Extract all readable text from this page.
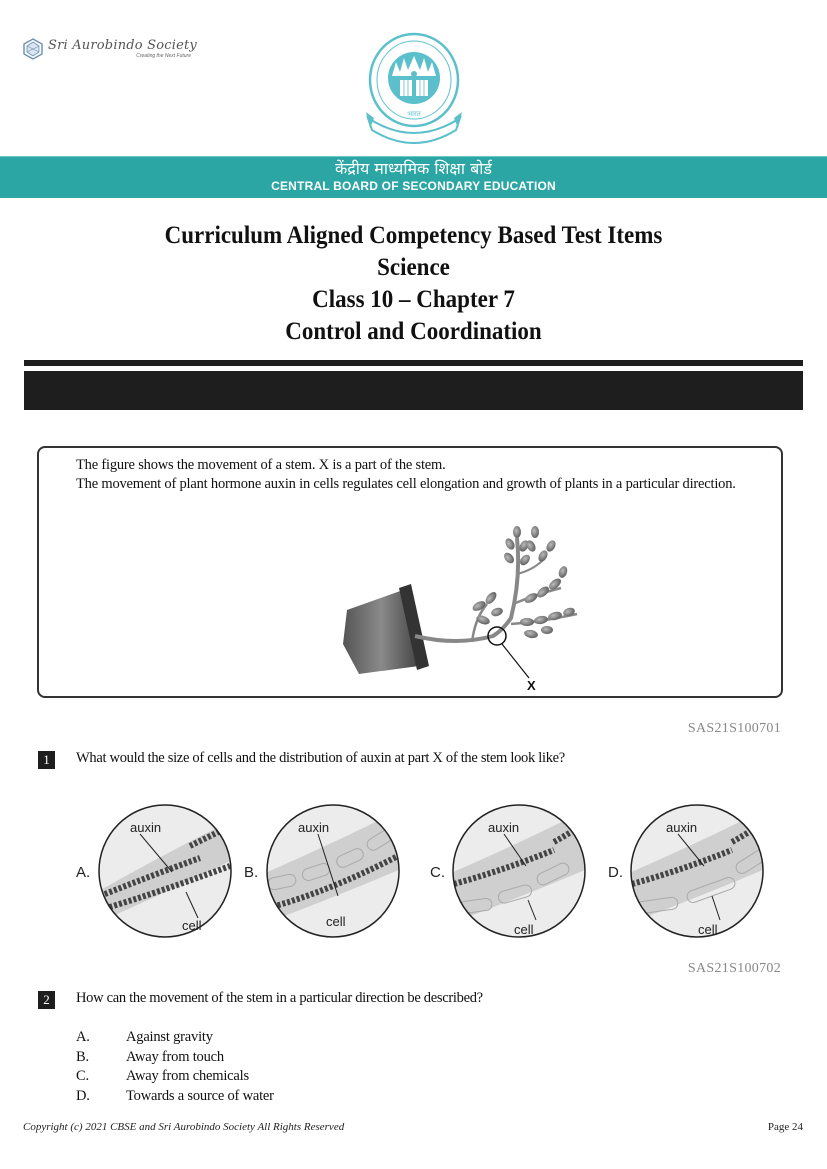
Sri Aurobindo Society
Creating the Next Future
भारत
केंद्रीय माध्यमिक शिक्षा बोर्ड
CENTRAL BOARD OF SECONDARY EDUCATION
Curriculum Aligned Competency Based Test Items
Science
Class 10 – Chapter 7
Control and Coordination

The figure shows the movement of a stem. X is a part of the stem.

The movement of plant hormone auxin in cells regulates cell elongation and growth of plants in a particular direction.

X
SAS21S100701
1	What would the size of cells and the distribution of auxin at part X of the stem look like?
A.
auxin
cell
B.
auxin
cell
C.
auxin
cell
D.
auxin
cell
SAS21S100702
2	How can the movement of the stem in a particular direction be described?
A.	Against gravity
B.	Away from touch
C.	Away from chemicals
D.	Towards a source of water
Copyright (c) 2021 CBSE and Sri Aurobindo Society All Rights Reserved	Page 24
